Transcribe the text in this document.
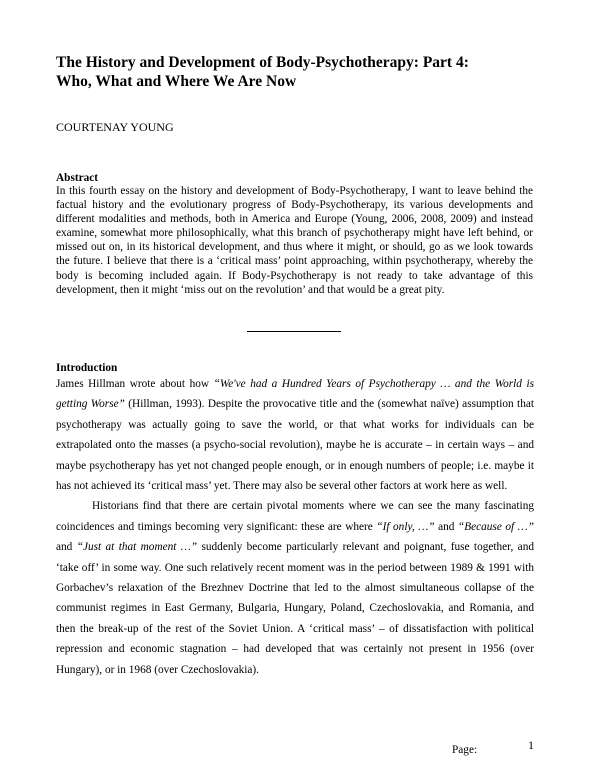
The History and Development of Body-Psychotherapy: Part 4:
Who, What and Where We Are Now
COURTENAY YOUNG
Abstract

In this fourth essay on the history and development of Body-Psychotherapy, I want to leave behind the factual history and the evolutionary progress of Body-Psychotherapy, its various developments and different modalities and methods, both in America and Europe (Young, 2006, 2008, 2009) and instead examine, somewhat more philosophically, what this branch of psychotherapy might have left behind, or missed out on, in its historical development, and thus where it might, or should, go as we look towards the future. I believe that there is a ‘critical mass’ point approaching, within psychotherapy, whereby the body is becoming included again. If Body-Psychotherapy is not ready to take advantage of this development, then it might ‘miss out on the revolution’ and that would be a great pity.

Introduction

James Hillman wrote about how “We've had a Hundred Years of Psychotherapy … and the World is getting Worse” (Hillman, 1993). Despite the provocative title and the (somewhat naïve) assumption that psychotherapy was actually going to save the world, or that what works for individuals can be extrapolated onto the masses (a psycho-social revolution), maybe he is accurate – in certain ways – and maybe psychotherapy has yet not changed people enough, or in enough numbers of people; i.e. maybe it has not achieved its ‘critical mass’ yet. There may also be several other factors at work here as well.

Historians find that there are certain pivotal moments where we can see the many fascinating coincidences and timings becoming very significant: these are where “If only, …” and “Because of …” and “Just at that moment …” suddenly become particularly relevant and poignant, fuse together, and ‘take off’ in some way. One such relatively recent moment was in the period between 1989 & 1991 with Gorbachev’s relaxation of the Brezhnev Doctrine that led to the almost simultaneous collapse of the communist regimes in East Germany, Bulgaria, Hungary, Poland, Czechoslovakia, and Romania, and then the break-up of the rest of the Soviet Union. A ‘critical mass’ – of dissatisfaction with political repression and economic stagnation – had developed that was certainly not present in 1956 (over Hungary), or in 1968 (over Czechoslovakia).

Page:	1
